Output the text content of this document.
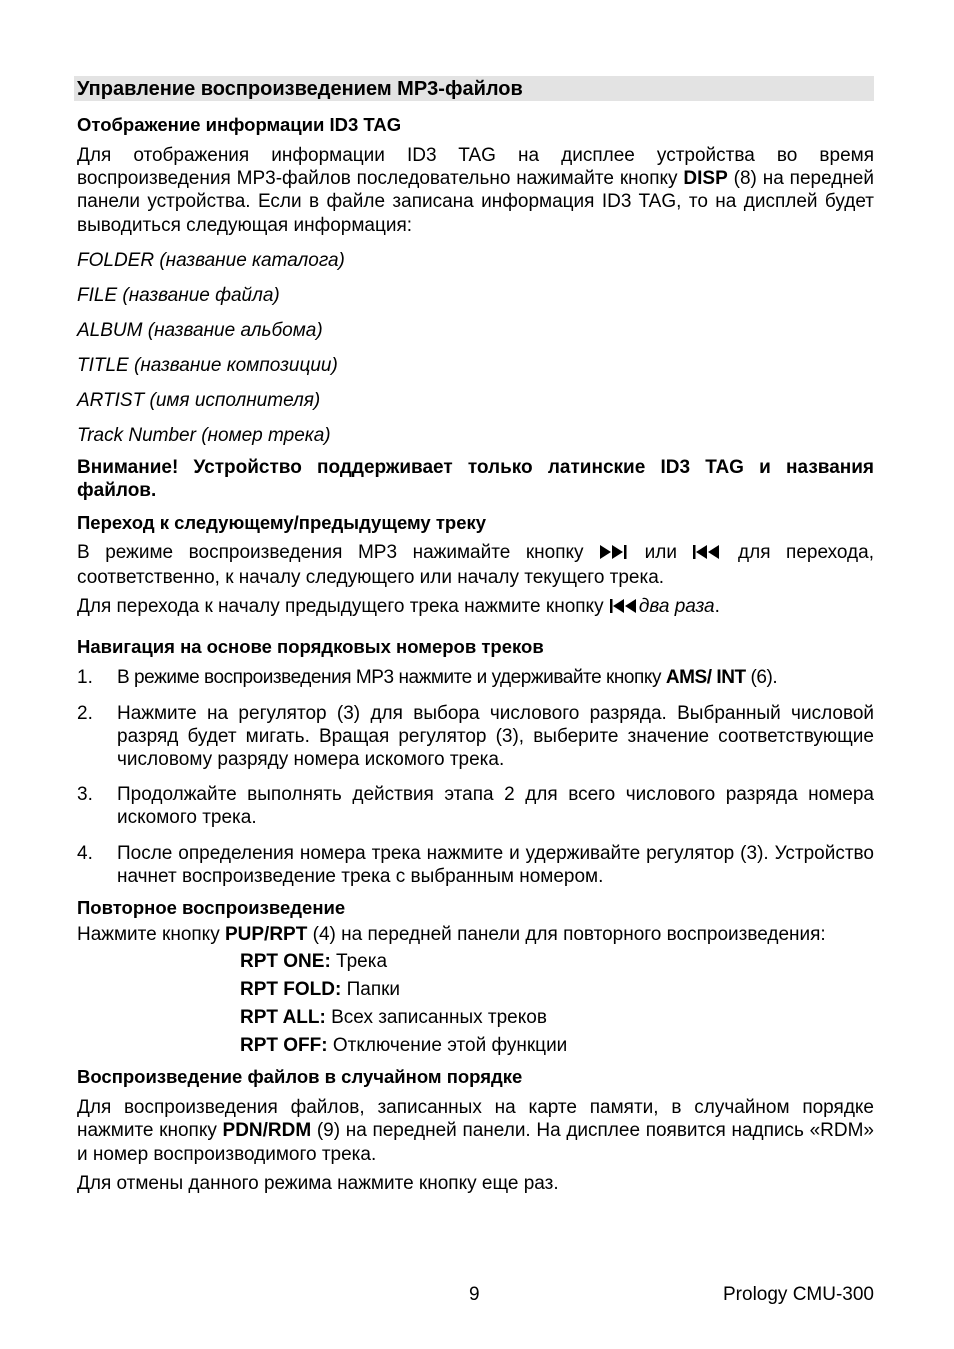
Управление воспроизведением MP3-файлов
Отображение информации ID3 TAG

Для отображения информации ID3 TAG на дисплее устройства во время воспроизведения MP3-файлов последовательно нажимайте кнопку DISP (8) на передней панели устройства. Если в файле записана информация ID3 TAG, то на дисплей будет выводиться следующая информация:

FOLDER (название каталога)

FILE (название файла)

ALBUM (название альбома)

TITLE (название композиции)

ARTIST (имя исполнителя)

Track Number (номер трека)

Внимание! Устройство поддерживает только латинские ID3 TAG и названия файлов.

Переход к следующему/предыдущему треку

В режиме воспроизведения MP3 нажимайте кнопку  или  для перехода, соответственно, к началу следующего или началу текущего трека.

Для перехода к началу предыдущего трека нажмите кнопку два раза.

Навигация на основе порядковых номеров треков
1.	В режиме воспроизведения MP3 нажмите и удерживайте кнопку AMS/ INT (6).
2.	Нажмите на регулятор (3) для выбора числового разряда. Выбранный числовой разряд будет мигать. Вращая регулятор (3), выберите значение соответствующие числовому разряду номера искомого трека.
3.	Продолжайте выполнять действия этапа 2 для всего числового разряда номера искомого трека.
4.	После определения номера трека нажмите и удерживайте регулятор (3). Устройство начнет воспроизведение трека с выбранным номером.
Повторное воспроизведение

Нажмите кнопку PUP/RPT (4) на передней панели для повторного воспроизведения:

RPT ONE: Трека
RPT FOLD: Папки
RPT ALL: Всех записанных треков
RPT OFF: Отключение этой функции
Воспроизведение файлов в случайном порядке

Для воспроизведения файлов, записанных на карте памяти, в случайном порядке нажмите кнопку PDN/RDM (9) на передней панели. На дисплее появится надпись «RDM» и номер воспроизводимого трека.

Для отмены данного режима нажмите кнопку еще раз.

9	Prology CMU-300
